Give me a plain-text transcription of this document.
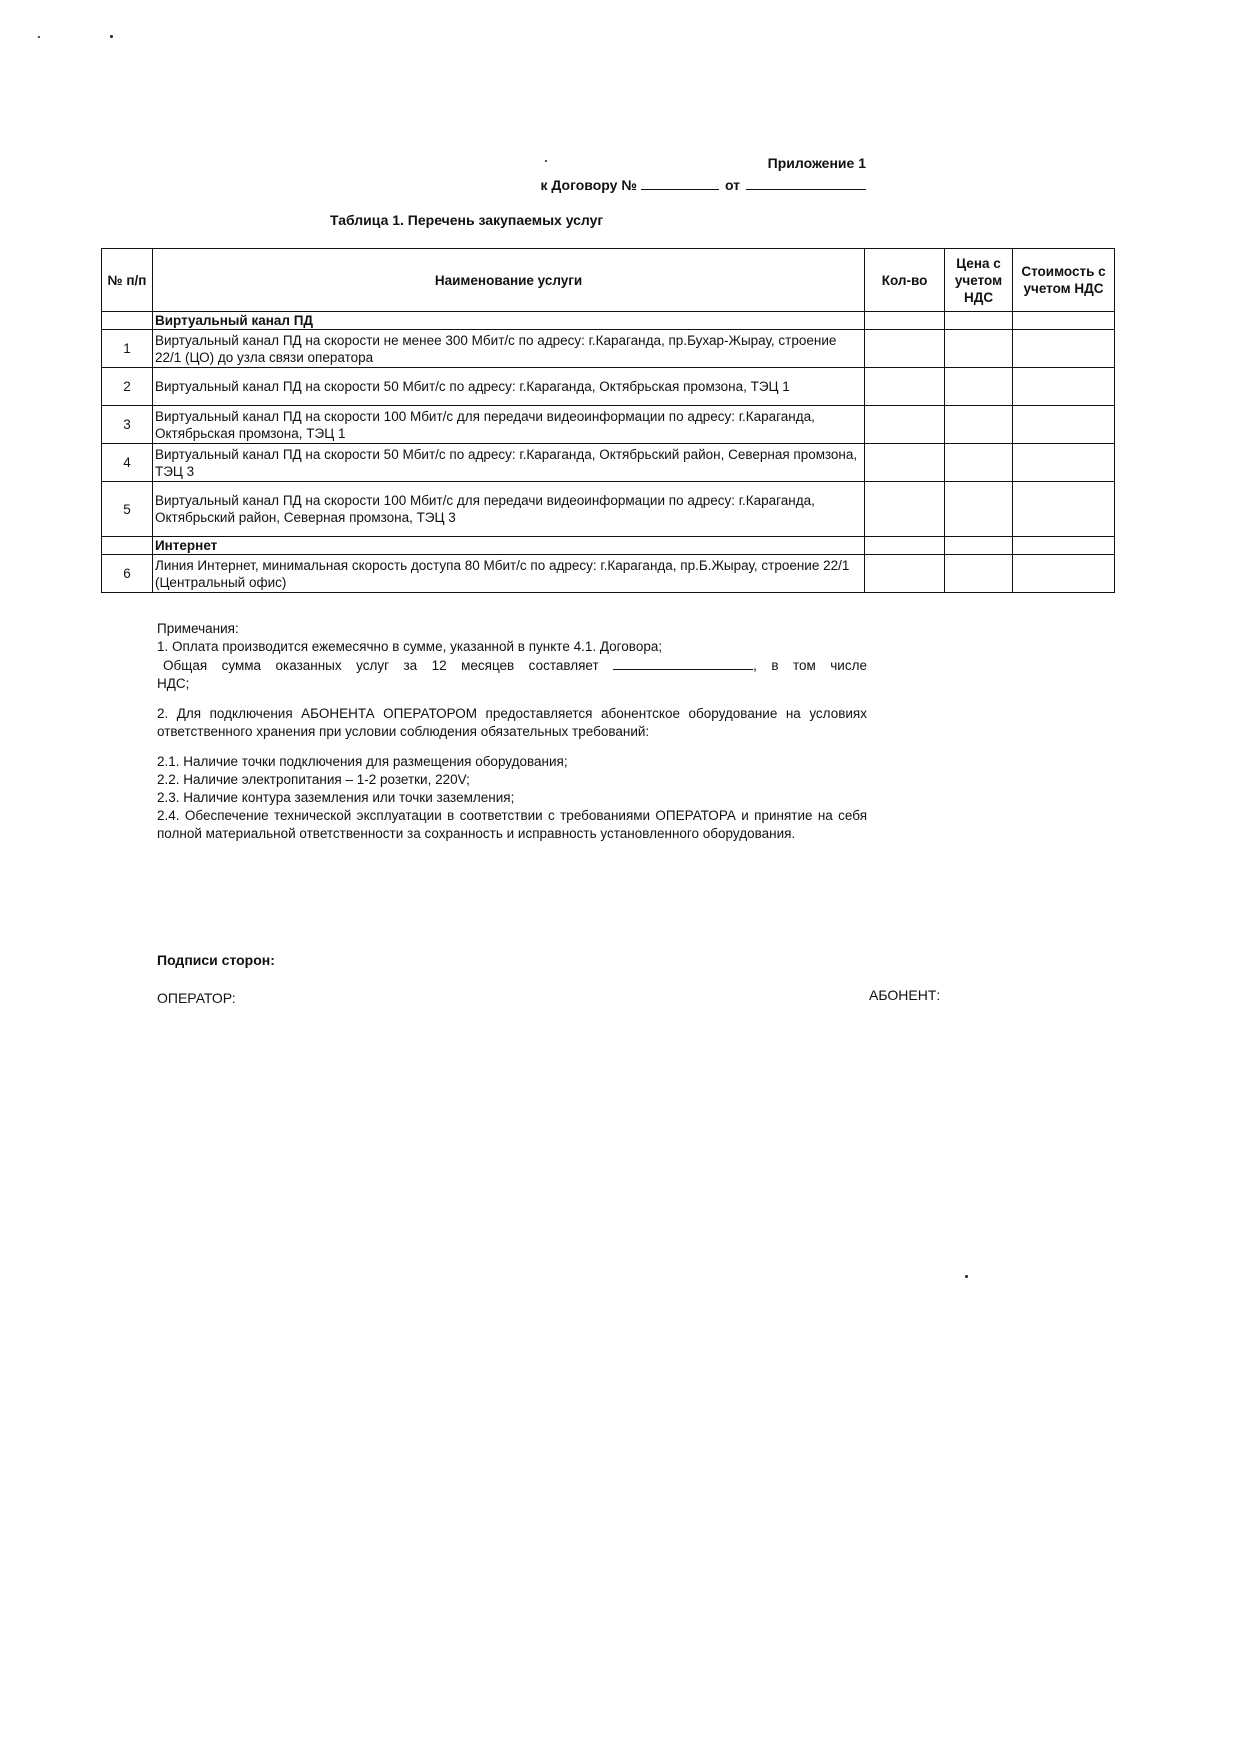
Приложение 1
к Договору №	от
Таблица 1. Перечень закупаемых услуг
№ п/п	Наименование услуги	Кол-во	Цена с учетом НДС	Стоимость с учетом НДС
	Виртуальный канал ПД			
1	Виртуальный канал ПД на скорости не менее 300 Мбит/с по адресу: г.Караганда, пр.Бухар-Жырау, строение 22/1 (ЦО) до узла связи оператора			
2	Виртуальный канал ПД на скорости 50 Мбит/с по адресу: г.Караганда, Октябрьская промзона, ТЭЦ 1			
3	Виртуальный канал ПД на скорости 100 Мбит/с для передачи видеоинформации по адресу: г.Караганда, Октябрьская промзона, ТЭЦ 1			
4	Виртуальный канал ПД на скорости 50 Мбит/с по адресу: г.Караганда, Октябрьский район, Северная промзона, ТЭЦ 3			
5	Виртуальный канал ПД на скорости 100 Мбит/с для передачи видеоинформации по адресу: г.Караганда, Октябрьский район, Северная промзона, ТЭЦ 3			
	Интернет			
6	Линия Интернет, минимальная скорость доступа 80 Мбит/с по адресу: г.Караганда, пр.Б.Жырау, строение 22/1 (Центральный офис)			

Примечания:

1. Оплата производится ежемесячно в сумме, указанной в пункте 4.1. Договора;

Общая сумма оказанных услуг за 12 месяцев составляет	, в том числе

НДС;

2. Для подключения АБОНЕНТА ОПЕРАТОРОМ предоставляется абонентское оборудование на условиях ответственного хранения при условии соблюдения обязательных требований:

2.1. Наличие точки подключения для размещения оборудования;

2.2. Наличие электропитания – 1-2 розетки, 220V;

2.3. Наличие контура заземления или точки заземления;

2.4. Обеспечение технической эксплуатации в соответствии с требованиями ОПЕРАТОРА и принятие на себя полной материальной ответственности за сохранность и исправность установленного оборудования.

Подписи сторон:
ОПЕРАТОР:	АБОНЕНТ:
